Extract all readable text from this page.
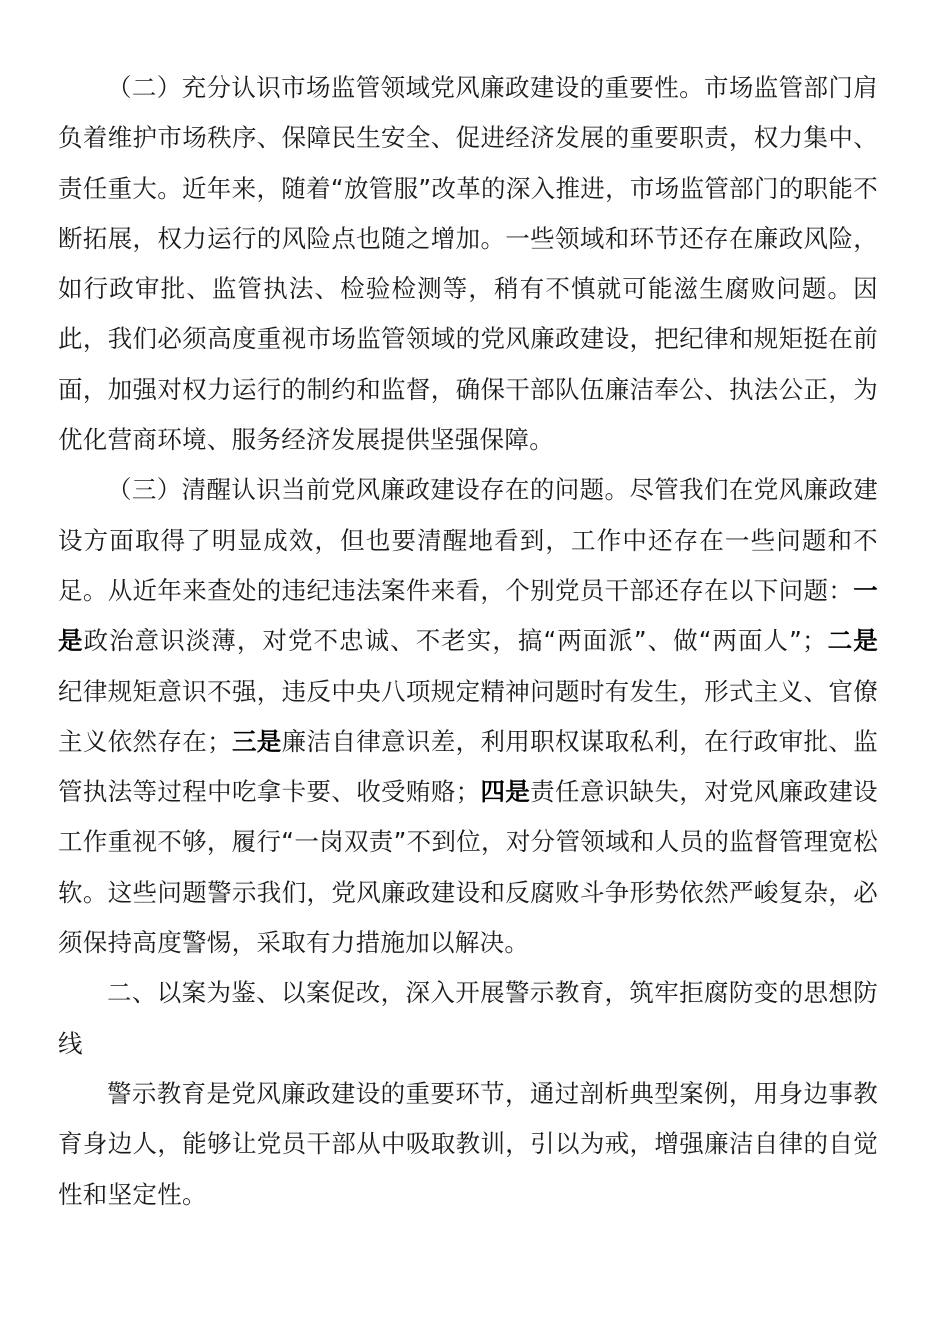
（二）充分认识市场监管领域党风廉政建设的重要性。市场监管部门肩负着维护市场秩序、保障民生安全、促进经济发展的重要职责，权力集中、责任重大。近年来，随着“放管服”改革的深入推进，市场监管部门的职能不断拓展，权力运行的风险点也随之增加。一些领域和环节还存在廉政风险，如行政审批、监管执法、检验检测等，稍有不慎就可能滋生腐败问题。因此，我们必须高度重视市场监管领域的党风廉政建设，把纪律和规矩挺在前面，加强对权力运行的制约和监督，确保干部队伍廉洁奉公、执法公正，为优化营商环境、服务经济发展提供坚强保障。

（三）清醒认识当前党风廉政建设存在的问题。尽管我们在党风廉政建设方面取得了明显成效，但也要清醒地看到，工作中还存在一些问题和不足。从近年来查处的违纪违法案件来看，个别党员干部还存在以下问题：一是政治意识淡薄，对党不忠诚、不老实，搞“两面派”、做“两面人”；二是纪律规矩意识不强，违反中央八项规定精神问题时有发生，形式主义、官僚主义依然存在；三是廉洁自律意识差，利用职权谋取私利，在行政审批、监管执法等过程中吃拿卡要、收受贿赂；四是责任意识缺失，对党风廉政建设工作重视不够，履行“一岗双责”不到位，对分管领域和人员的监督管理宽松软。这些问题警示我们，党风廉政建设和反腐败斗争形势依然严峻复杂，必须保持高度警惕，采取有力措施加以解决。

二、以案为鉴、以案促改，深入开展警示教育，筑牢拒腐防变的思想防线

警示教育是党风廉政建设的重要环节，通过剖析典型案例，用身边事教育身边人，能够让党员干部从中吸取教训，引以为戒，增强廉洁自律的自觉性和坚定性。
